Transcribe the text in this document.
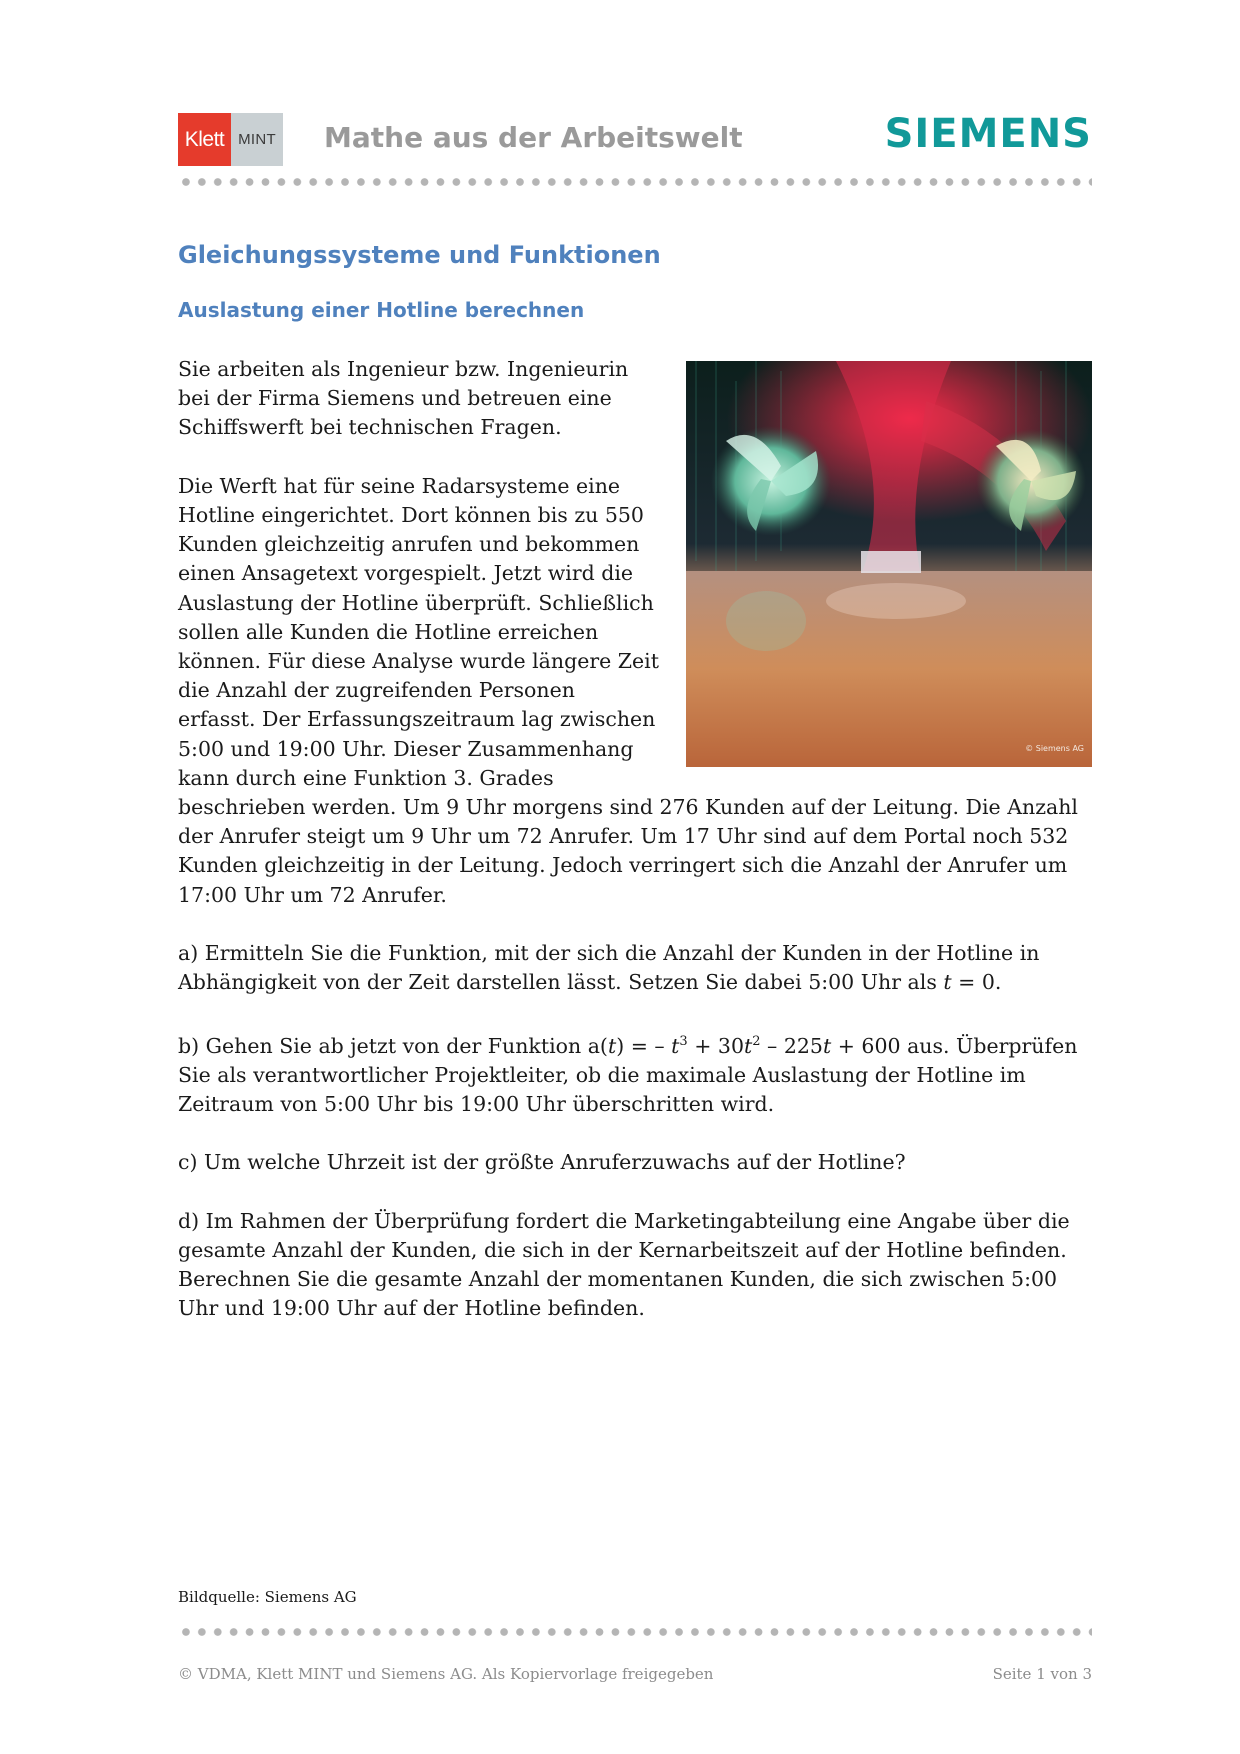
Klett MINT Mathe aus der Arbeitswelt	SIEMENS
Gleichungssysteme und Funktionen
Auslastung einer Hotline berechnen
© Siemens AG

Sie arbeiten als Ingenieur bzw. Ingenieurin
bei der Firma Siemens und betreuen eine
Schiffswerft bei technischen Fragen.

Die Werft hat für seine Radarsysteme eine
Hotline eingerichtet. Dort können bis zu 550
Kunden gleichzeitig anrufen und bekommen
einen Ansagetext vorgespielt. Jetzt wird die
Auslastung der Hotline überprüft. Schließlich
sollen alle Kunden die Hotline erreichen
können. Für diese Analyse wurde längere Zeit
die Anzahl der zugreifenden Personen
erfasst. Der Erfassungszeitraum lag zwischen
5:00 und 19:00 Uhr. Dieser Zusammenhang
kann durch eine Funktion 3. Grades
beschrieben werden. Um 9 Uhr morgens sind 276 Kunden auf der Leitung. Die Anzahl der Anrufer steigt um 9 Uhr um 72 Anrufer. Um 17 Uhr sind auf dem Portal noch 532 Kunden gleichzeitig in der Leitung. Jedoch verringert sich die Anzahl der Anrufer um 17:00 Uhr um 72 Anrufer.

a) Ermitteln Sie die Funktion, mit der sich die Anzahl der Kunden in der Hotline in Abhängigkeit von der Zeit darstellen lässt. Setzen Sie dabei 5:00 Uhr als t = 0.

b) Gehen Sie ab jetzt von der Funktion a(t) = – $t^3 + 30t^2 - 225t + 600$ aus. Überprüfen Sie als verantwortlicher Projektleiter, ob die maximale Auslastung der Hotline im Zeitraum von 5:00 Uhr bis 19:00 Uhr überschritten wird.

c) Um welche Uhrzeit ist der größte Anruferzuwachs auf der Hotline?

d) Im Rahmen der Überprüfung fordert die Marketingabteilung eine Angabe über die gesamte Anzahl der Kunden, die sich in der Kernarbeitszeit auf der Hotline befinden. Berechnen Sie die gesamte Anzahl der momentanen Kunden, die sich zwischen 5:00 Uhr und 19:00 Uhr auf der Hotline befinden.

Bildquelle: Siemens AG
© VDMA, Klett MINT und Siemens AG. Als Kopiervorlage freigegeben	Seite 1 von 3
